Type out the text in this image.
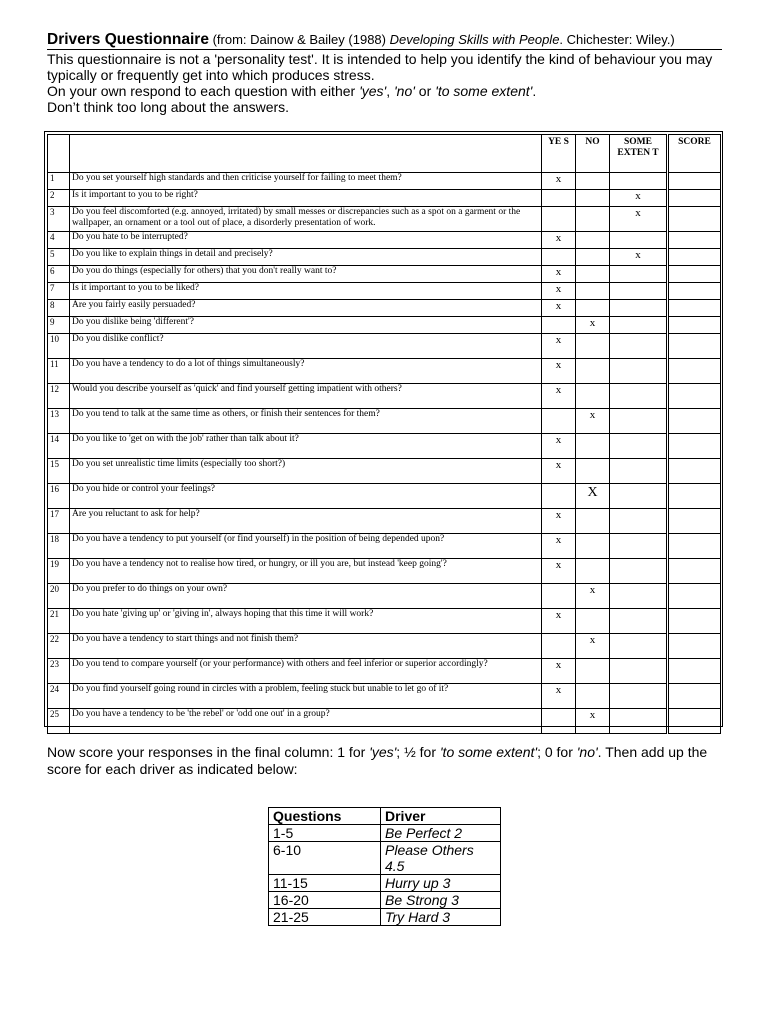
Drivers Questionnaire (from: Dainow & Bailey (1988) Developing Skills with People. Chichester: Wiley.)

This questionnaire is not a 'personality test'. It is intended to help you identify the kind of behaviour you may typically or frequently get into which produces stress.

On your own respond to each question with either 'yes', 'no' or 'to some extent'.

Don’t think too long about the answers.

		YE S	NO	SOME EXTEN T	SCORE
1	Do you set yourself high standards and then criticise yourself for failing to meet them?	x			
2	Is it important to you to be right?			x	
3	Do you feel discomforted (e.g. annoyed, irritated) by small messes or discrepancies such as a spot on a garment or the wallpaper, an ornament or a tool out of place, a disorderly presentation of work.			x	
4	Do you hate to be interrupted?	x			
5	Do you like to explain things in detail and precisely?			x	
6	Do you do things (especially for others) that you don't really want to?	x			
7	Is it important to you to be liked?	x			
8	Are you fairly easily persuaded?	x			
9	Do you dislike being 'different'?		x		
10	Do you dislike conflict?	x			
11	Do you have a tendency to do a lot of things simultaneously?	x			
12	Would you describe yourself as 'quick' and find yourself getting impatient with others?	x			
13	Do you tend to talk at the same time as others, or finish their sentences for them?		x		
14	Do you like to 'get on with the job' rather than talk about it?	x			
15	Do you set unrealistic time limits (especially too short?)	x			
16	Do you hide or control your feelings?		X		
17	Are you reluctant to ask for help?	x			
18	Do you have a tendency to put yourself (or find yourself) in the position of being depended upon?	x			
19	Do you have a tendency not to realise how tired, or hungry, or ill you are, but instead 'keep going'?	x			
20	Do you prefer to do things on your own?		x		
21	Do you hate 'giving up' or 'giving in', always hoping that this time it will work?	x			
22	Do you have a tendency to start things and not finish them?		x		
23	Do you tend to compare yourself (or your performance) with others and feel inferior or superior accordingly?	x			
24	Do you find yourself going round in circles with a problem, feeling stuck but unable to let go of it?	x			
25	Do you have a tendency to be 'the rebel' or 'odd one out' in a group?		x		

Now score your responses in the final column: 1 for 'yes'; ½ for 'to some extent'; 0 for 'no'. Then add up the score for each driver as indicated below:

Questions	Driver
1-5	Be Perfect 2
6-10	Please Others 4.5
11-15	Hurry up 3
16-20	Be Strong 3
21-25	Try Hard 3
